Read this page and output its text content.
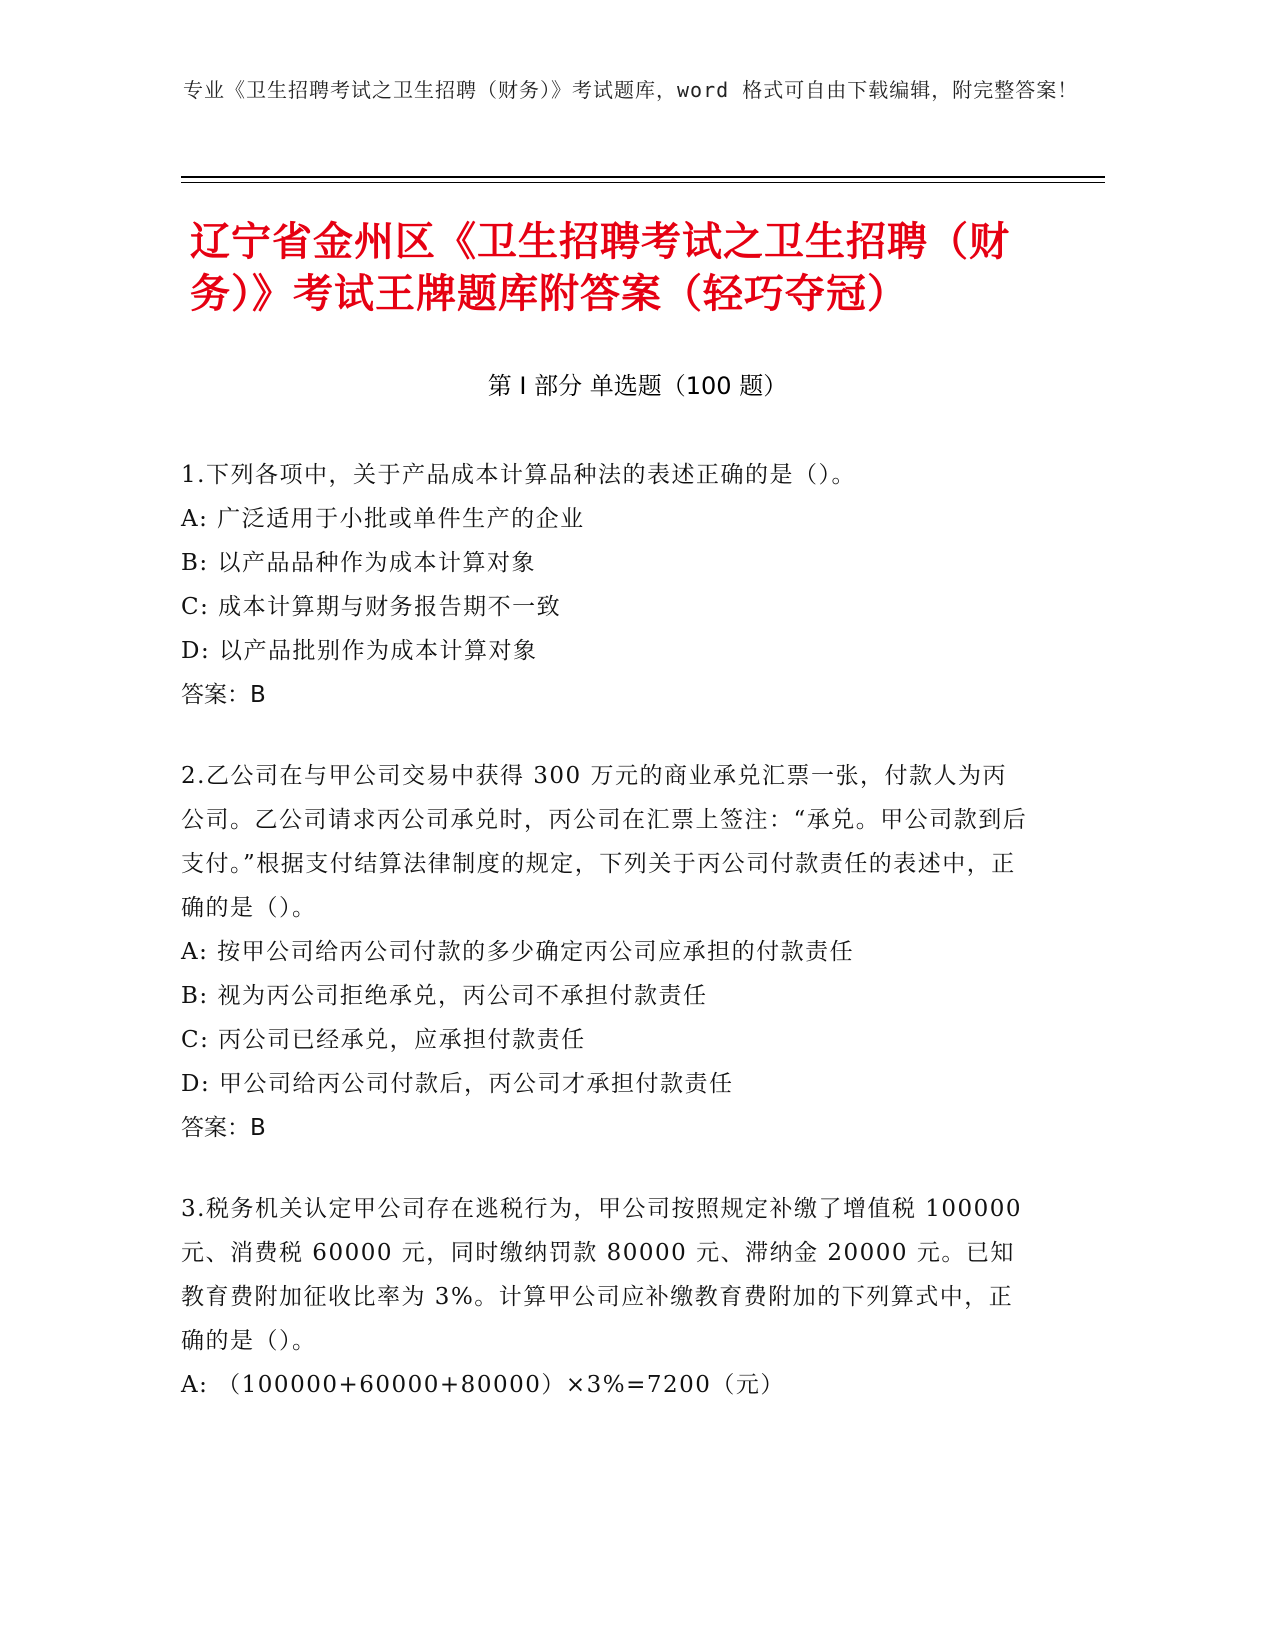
专业《卫生招聘考试之卫生招聘（财务）》考试题库，word 格式可自由下载编辑，附完整答案！
辽宁省金州区《卫生招聘考试之卫生招聘（财务）》考试王牌题库附答案（轻巧夺冠）
第 I 部分 单选题（100 题）

1.下列各项中，关于产品成本计算品种法的表述正确的是（）。

A: 广泛适用于小批或单件生产的企业

B: 以产品品种作为成本计算对象

C: 成本计算期与财务报告期不一致

D: 以产品批别作为成本计算对象

答案：B

2.乙公司在与甲公司交易中获得 300 万元的商业承兑汇票一张，付款人为丙公司。乙公司请求丙公司承兑时，丙公司在汇票上签注：“承兑。甲公司款到后支付。”根据支付结算法律制度的规定，下列关于丙公司付款责任的表述中，正确的是（）。

A: 按甲公司给丙公司付款的多少确定丙公司应承担的付款责任

B: 视为丙公司拒绝承兑，丙公司不承担付款责任

C: 丙公司已经承兑，应承担付款责任

D: 甲公司给丙公司付款后，丙公司才承担付款责任

答案：B

3.税务机关认定甲公司存在逃税行为，甲公司按照规定补缴了增值税 100000 元、消费税 60000 元，同时缴纳罚款 80000 元、滞纳金 20000 元。已知教育费附加征收比率为 3%。计算甲公司应补缴教育费附加的下列算式中，正确的是（）。

A: （100000+60000+80000）×3%=7200（元）
